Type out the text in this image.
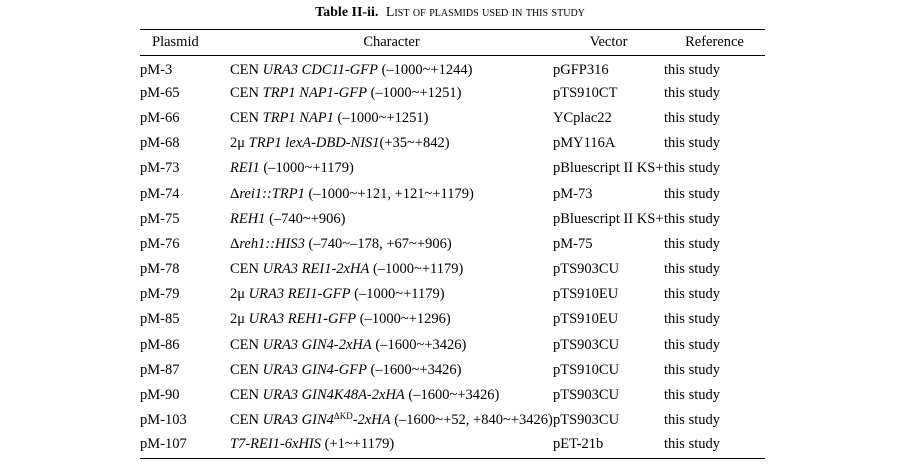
Table II-ii. List of plasmids used in this study
Plasmid	Character	Vector	Reference
pM-3	CEN URA3 CDC11-GFP (–1000~+1244)	pGFP316	this study
pM-65	CEN TRP1 NAP1-GFP (–1000~+1251)	pTS910CT	this study
pM-66	CEN TRP1 NAP1 (–1000~+1251)	YCplac22	this study
pM-68	2μ TRP1 lexA-DBD-NIS1(+35~+842)	pMY116A	this study
pM-73	REI1 (–1000~+1179)	pBluescript II KS+	this study
pM-74	Δrei1::TRP1 (–1000~+121, +121~+1179)	pM-73	this study
pM-75	REH1 (–740~+906)	pBluescript II KS+	this study
pM-76	Δreh1::HIS3 (–740~–178, +67~+906)	pM-75	this study
pM-78	CEN URA3 REI1-2xHA (–1000~+1179)	pTS903CU	this study
pM-79	2μ URA3 REI1-GFP (–1000~+1179)	pTS910EU	this study
pM-85	2μ URA3 REH1-GFP (–1000~+1296)	pTS910EU	this study
pM-86	CEN URA3 GIN4-2xHA (–1600~+3426)	pTS903CU	this study
pM-87	CEN URA3 GIN4-GFP (–1600~+3426)	pTS910CU	this study
pM-90	CEN URA3 GIN4K48A-2xHA (–1600~+3426)	pTS903CU	this study
pM-103	CEN URA3 $GIN4^{\Delta KD}-2xHA$ (–1600~+52, +840~+3426)	pTS903CU	this study
pM-107	T7-REI1-6xHIS (+1~+1179)	pET-21b	this study
